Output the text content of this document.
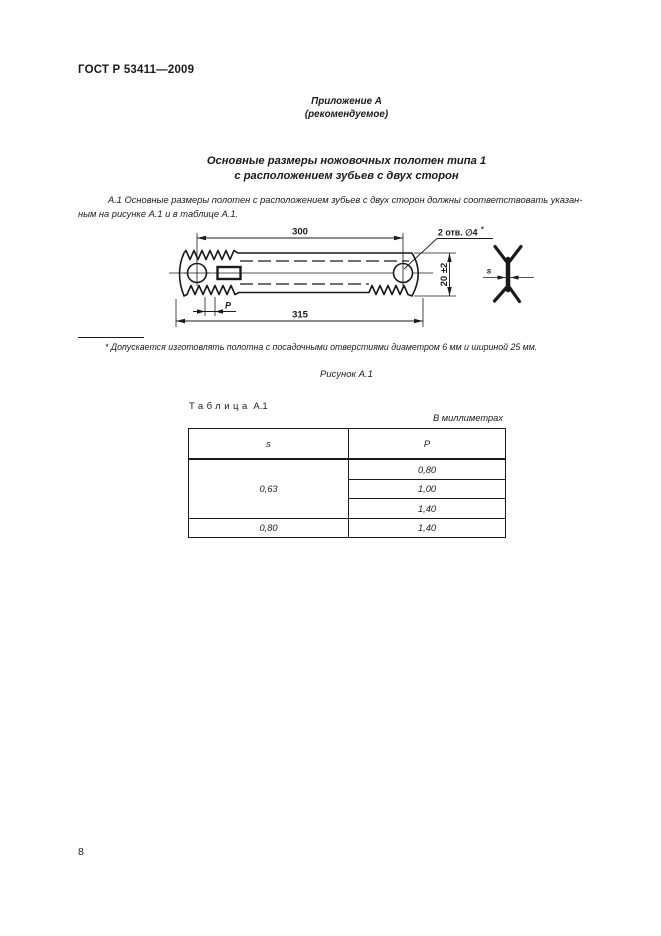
ГОСТ Р 53411—2009
Приложение А
(рекомендуемое)
Основные размеры ножовочных полотен типа 1
с расположением зубьев с двух сторон
А.1 Основные размеры полотен с расположением зубьев с двух сторон должны соответствовать указан-
ным на рисунке А.1 и в таблице А.1.
300	2 отв. ∅4 *
20 ±2
315
P
s
* Допускается изготовлять полотна с посадочными отверстиями диаметром 6 мм и шириной 25 мм.
Рисунок А.1
Таблица А.1
В миллиметрах
s	P
0,63	0,80
	1,00
	1,40
0,80	1,40
8
